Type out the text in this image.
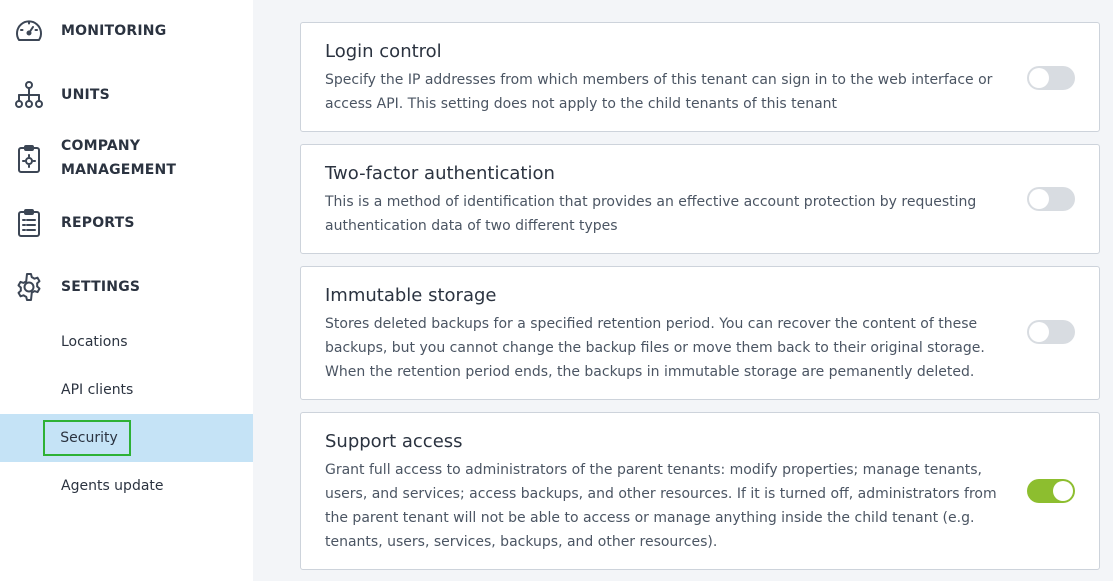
MONITORING
UNITS
COMPANY
MANAGEMENT
REPORTS
SETTINGS
Locations
API clients
Security
Agents update
Login control
Specify the IP addresses from which members of this tenant can sign in to the web interface or access API. This setting does not apply to the child tenants of this tenant
Two-factor authentication
This is a method of identification that provides an effective account protection by requesting authentication data of two different types
Immutable storage
Stores deleted backups for a specified retention period. You can recover the content of these backups, but you cannot change the backup files or move them back to their original storage. When the retention period ends, the backups in immutable storage are pemanently deleted.
Support access
Grant full access to administrators of the parent tenants: modify properties; manage tenants, users, and services; access backups, and other resources. If it is turned off, administrators from the parent tenant will not be able to access or manage anything inside the child tenant (e.g. tenants, users, services, backups, and other resources).
